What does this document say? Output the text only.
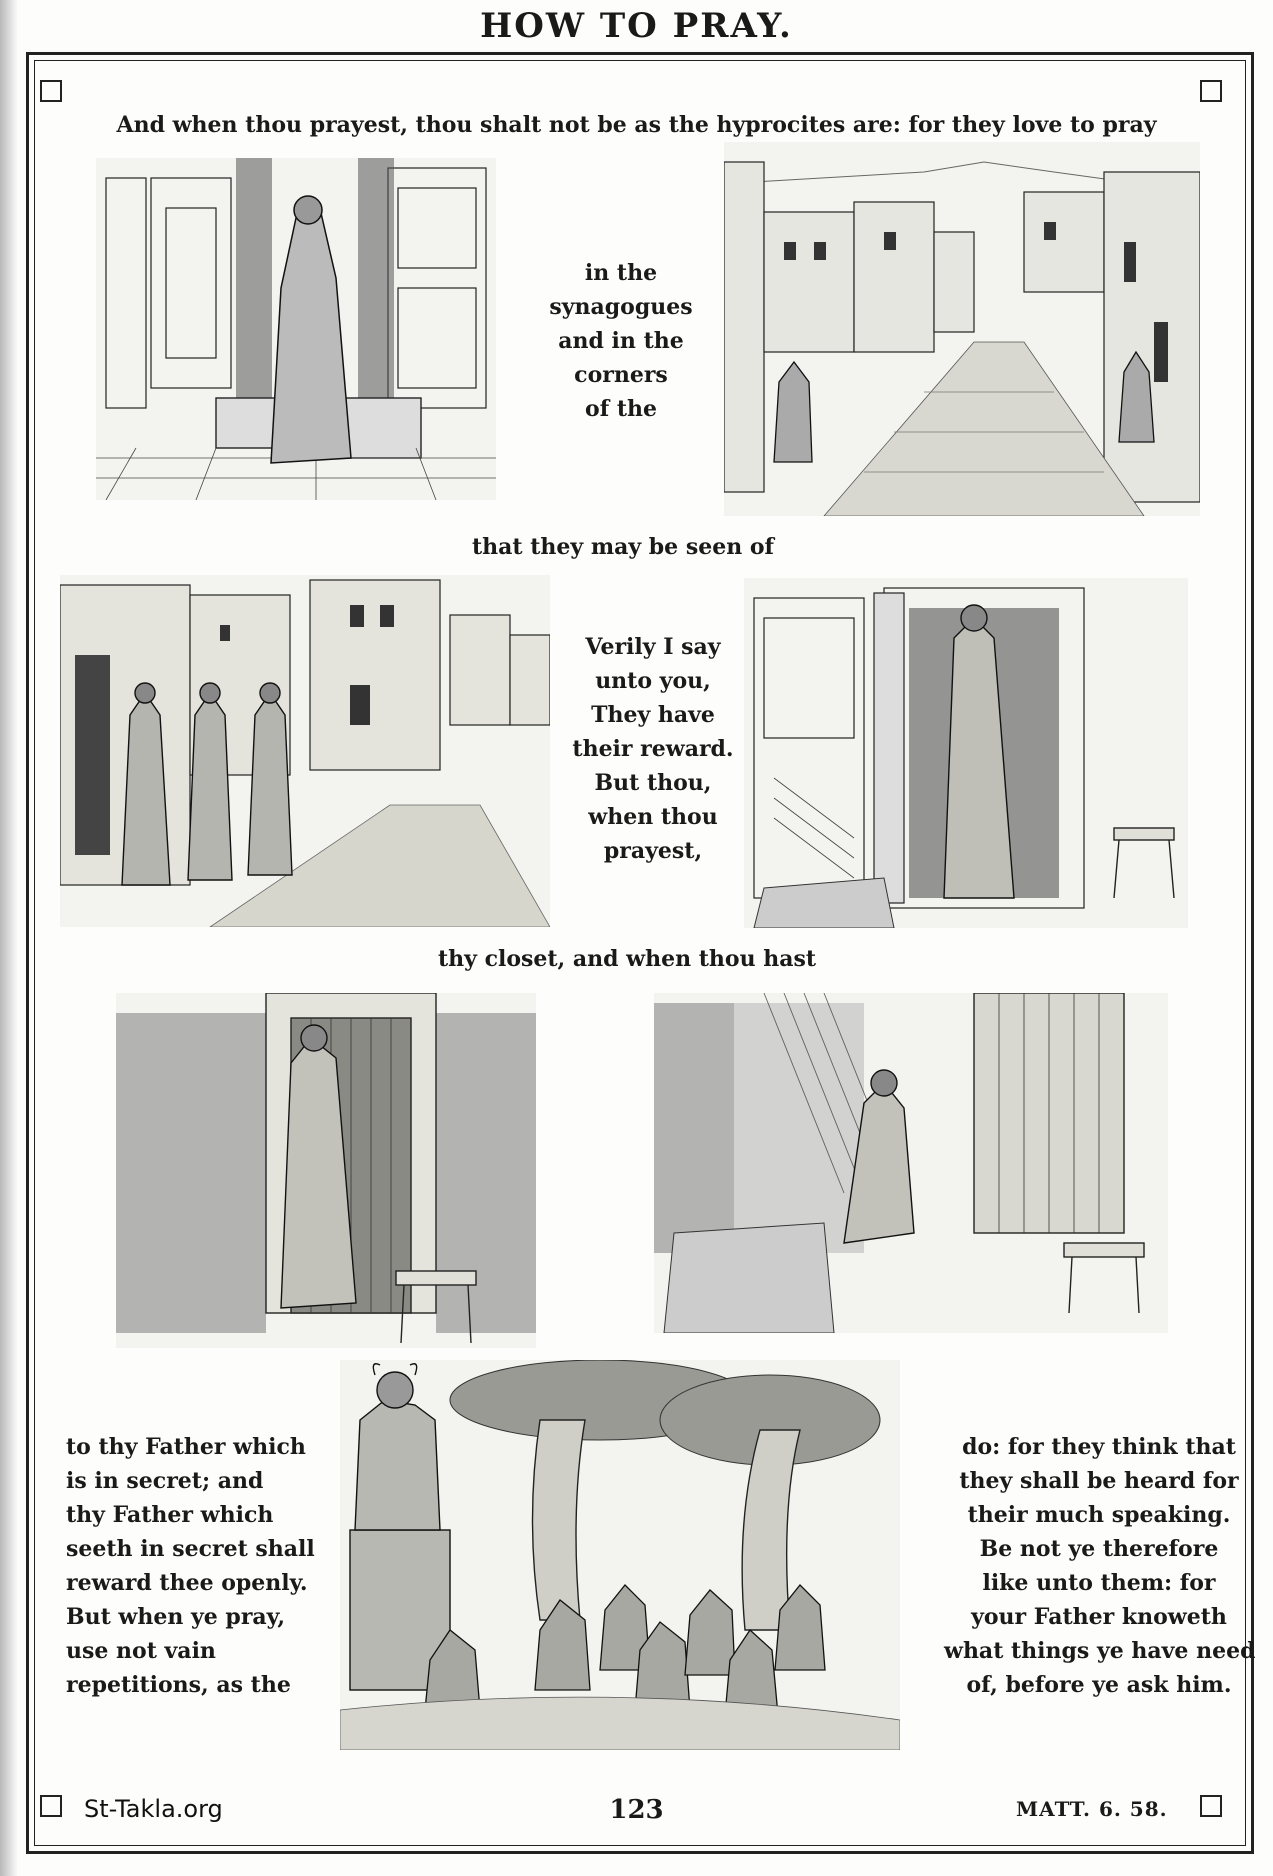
HOW TO PRAY.
And when thou prayest, thou shalt not be as the hyprocites are: for they love to pray
in the
synagogues
and in the
corners
of the
that they may be seen of
Verily I say
unto you,
They have
their reward.
But thou,
when thou
prayest,
thy closet, and when thou hast
to thy Father which
is in secret; and
thy Father which
seeth in secret shall
reward thee openly.
But when ye pray,
use not vain
repetitions, as the
do: for they think that
they shall be heard for
their much speaking.
Be not ye therefore
like unto them: for
your Father knoweth
what things ye have need
of, before ye ask him.
St-Takla.org	123	MATT. 6. 58.
